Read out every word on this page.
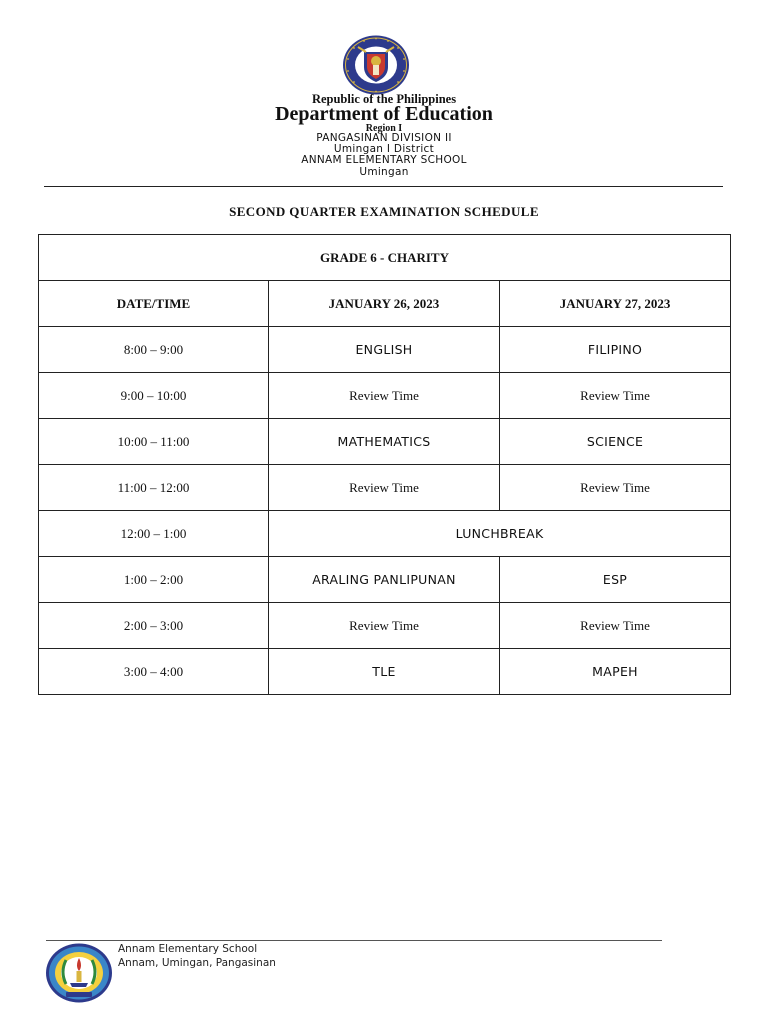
Republic of the Philippines
Department of Education
Region I
PANGASINAN DIVISION II
Umingan I District
ANNAM ELEMENTARY SCHOOL
Umingan
SECOND QUARTER EXAMINATION SCHEDULE
GRADE 6 - CHARITY		
DATE/TIME	JANUARY 26, 2023	JANUARY 27, 2023
8:00 – 9:00	ENGLISH	FILIPINO
9:00 – 10:00	Review Time	Review Time
10:00 – 11:00	MATHEMATICS	SCIENCE
11:00 – 12:00	Review Time	Review Time
12:00 – 1:00	LUNCHBREAK	
1:00 – 2:00	ARALING PANLIPUNAN	ESP
2:00 – 3:00	Review Time	Review Time
3:00 – 4:00	TLE	MAPEH
Annam Elementary School
Annam, Umingan, Pangasinan
